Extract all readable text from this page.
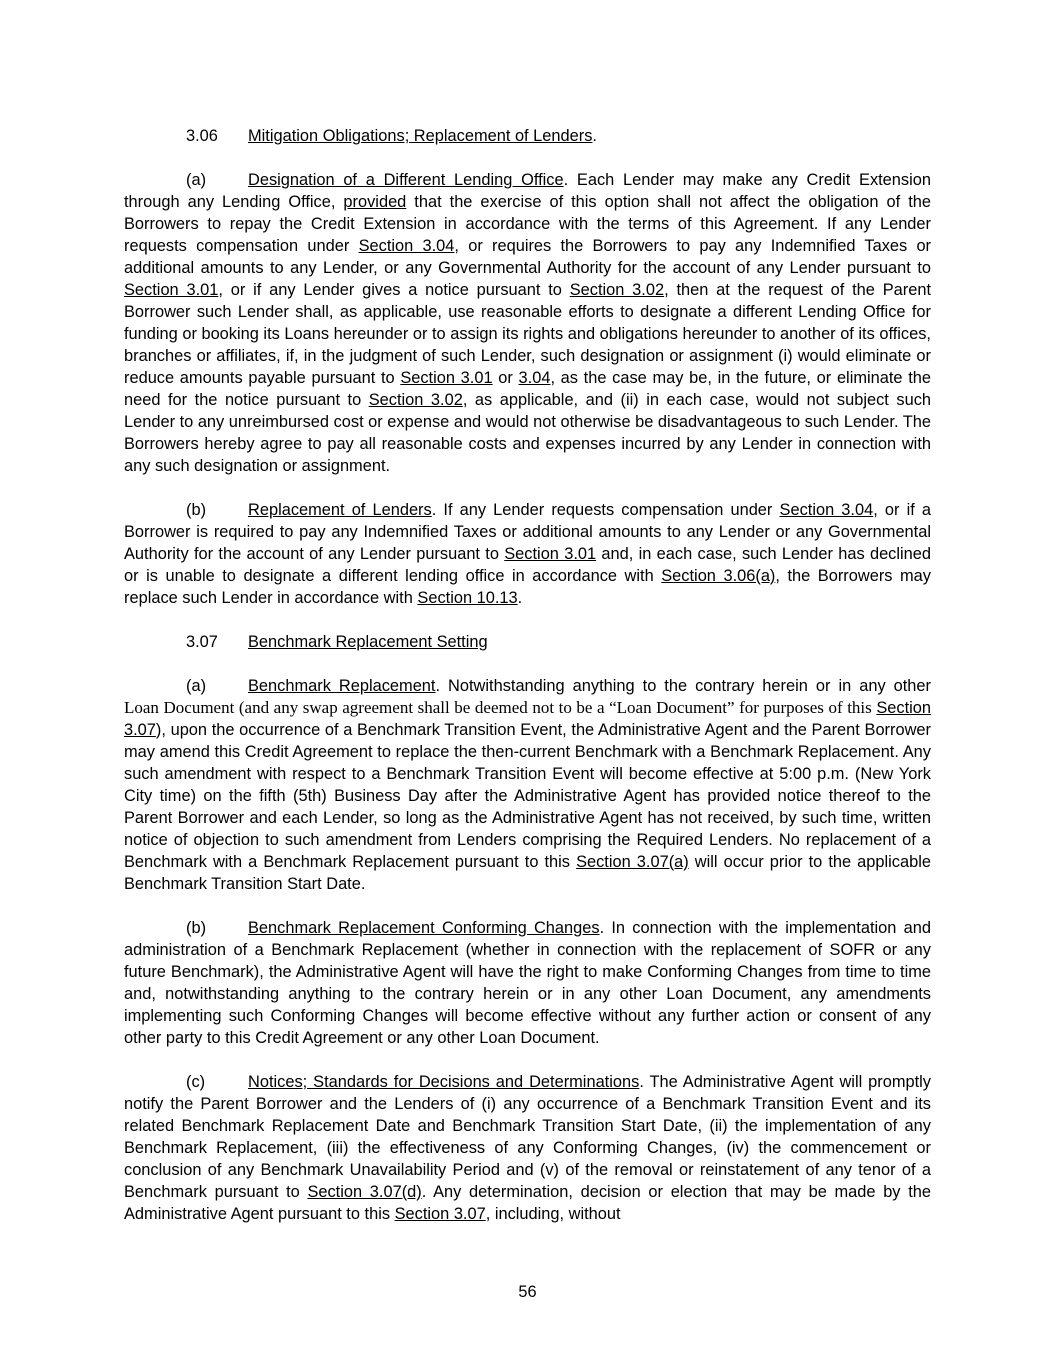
3.06 Mitigation Obligations; Replacement of Lenders.

(a)	Designation of a Different Lending Office. Each Lender may make any Credit Extension through any Lending Office, provided that the exercise of this option shall not affect the obligation of the Borrowers to repay the Credit Extension in accordance with the terms of this Agreement. If any Lender requests compensation under Section 3.04, or requires the Borrowers to pay any Indemnified Taxes or additional amounts to any Lender, or any Governmental Authority for the account of any Lender pursuant to Section 3.01, or if any Lender gives a notice pursuant to Section 3.02, then at the request of the Parent Borrower such Lender shall, as applicable, use reasonable efforts to designate a different Lending Office for funding or booking its Loans hereunder or to assign its rights and obligations hereunder to another of its offices, branches or affiliates, if, in the judgment of such Lender, such designation or assignment (i) would eliminate or reduce amounts payable pursuant to Section 3.01 or 3.04, as the case may be, in the future, or eliminate the need for the notice pursuant to Section 3.02, as applicable, and (ii) in each case, would not subject such Lender to any unreimbursed cost or expense and would not otherwise be disadvantageous to such Lender. The Borrowers hereby agree to pay all reasonable costs and expenses incurred by any Lender in connection with any such designation or assignment.

(b)	Replacement of Lenders. If any Lender requests compensation under Section 3.04, or if a Borrower is required to pay any Indemnified Taxes or additional amounts to any Lender or any Governmental Authority for the account of any Lender pursuant to Section 3.01 and, in each case, such Lender has declined or is unable to designate a different lending office in accordance with Section 3.06(a), the Borrowers may replace such Lender in accordance with Section 10.13.

3.07 Benchmark Replacement Setting

(a)	Benchmark Replacement. Notwithstanding anything to the contrary herein or in any other Loan Document (and any swap agreement shall be deemed not to be a “Loan Document” for purposes of this Section 3.07), upon the occurrence of a Benchmark Transition Event, the Administrative Agent and the Parent Borrower may amend this Credit Agreement to replace the then-current Benchmark with a Benchmark Replacement. Any such amendment with respect to a Benchmark Transition Event will become effective at 5:00 p.m. (New York City time) on the fifth (5th) Business Day after the Administrative Agent has provided notice thereof to the Parent Borrower and each Lender, so long as the Administrative Agent has not received, by such time, written notice of objection to such amendment from Lenders comprising the Required Lenders. No replacement of a Benchmark with a Benchmark Replacement pursuant to this Section 3.07(a) will occur prior to the applicable Benchmark Transition Start Date.

(b)	Benchmark Replacement Conforming Changes. In connection with the implementation and administration of a Benchmark Replacement (whether in connection with the replacement of SOFR or any future Benchmark), the Administrative Agent will have the right to make Conforming Changes from time to time and, notwithstanding anything to the contrary herein or in any other Loan Document, any amendments implementing such Conforming Changes will become effective without any further action or consent of any other party to this Credit Agreement or any other Loan Document.

(c)	Notices; Standards for Decisions and Determinations. The Administrative Agent will promptly notify the Parent Borrower and the Lenders of (i) any occurrence of a Benchmark Transition Event and its related Benchmark Replacement Date and Benchmark Transition Start Date, (ii) the implementation of any Benchmark Replacement, (iii) the effectiveness of any Conforming Changes, (iv) the commencement or conclusion of any Benchmark Unavailability Period and (v) of the removal or reinstatement of any tenor of a Benchmark pursuant to Section 3.07(d). Any determination, decision or election that may be made by the Administrative Agent pursuant to this Section 3.07, including, without

56
